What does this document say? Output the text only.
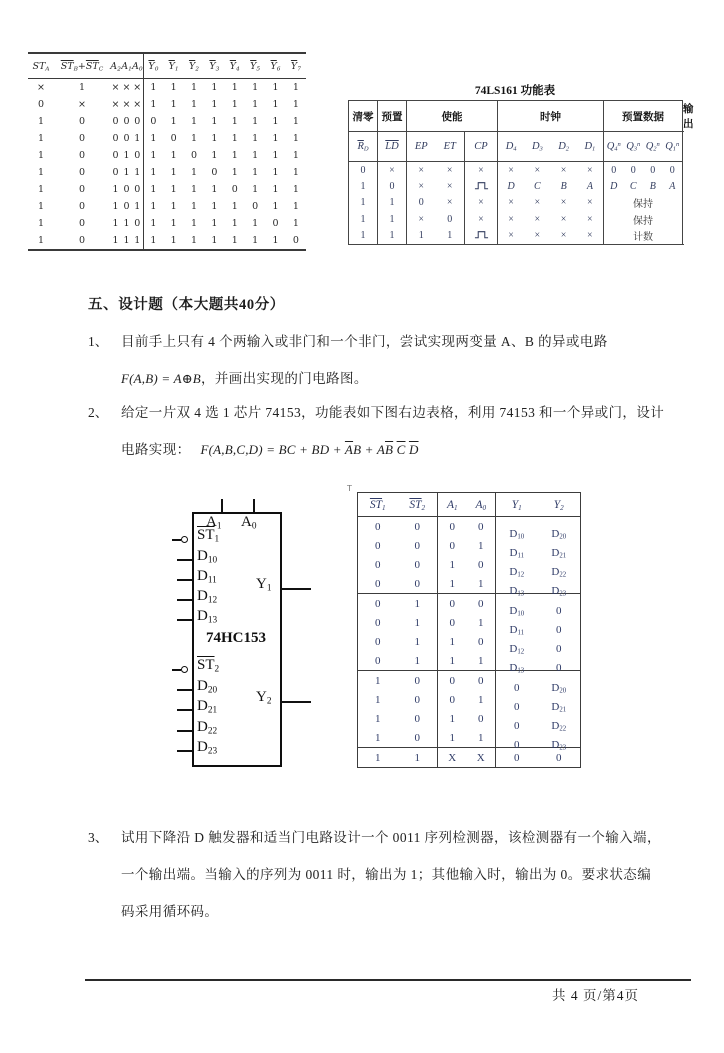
$ST_A$	$\overline{ST}_B+\overline{ST}_C$	$A_2$	$A_1$	$A_0$	$\overline{Y}_0$	$\overline{Y}_1$	$\overline{Y}_2$	$\overline{Y}_3$	$\overline{Y}_4$	$\overline{Y}_5$	$\overline{Y}_6$	$\overline{Y}_7$
×	1	×	×	×	1	1	1	1	1	1	1	1
0	×	×	×	×	1	1	1	1	1	1	1	1
1	0	0	0	0	0	1	1	1	1	1	1	1
1	0	0	0	1	1	0	1	1	1	1	1	1
1	0	0	1	0	1	1	0	1	1	1	1	1
1	0	0	1	1	1	1	1	0	1	1	1	1
1	0	1	0	0	1	1	1	1	0	1	1	1
1	0	1	0	1	1	1	1	1	1	0	1	1
1	0	1	1	0	1	1	1	1	1	1	0	1
1	0	1	1	1	1	1	1	1	1	1	1	0
74LS161 功能表
清零	预置	使能		时钟	预置数据	输出
$\overline{R}_D$	$\overline{LD}$	EP ET	CP	$D_4$ $D_3$ $D_2$ $D_1$	$Q_4^n$ $Q_3^n$ $Q_2^n$ $Q_1^n$

0	×	× ×	×	× × × ×	0 0 0 0	

1	0	× ×		D C B A	D C B A	

1	1	0 ×	×	× × × ×	保持	
1	1	× 0	×	× × × ×	保持	
1	1	1 1		× × × ×	计数	
五、设计题（本大题共40分）
1、 目前手上只有 4 个两输入或非门和一个非门，尝试实现两变量 A、B 的异或电路
F(A,B) = A⊕B，并画出实现的门电路图。
2、 给定一片双 4 选 1 芯片 74153，功能表如下图右边表格，利用 74153 和一个异或门，设计
电路实现： F(A,B,C,D) = BC + BD + $\overline{A}B + A\overline{B}$ $\overline{C}$ $\overline{D}$
74HC153
$A_1$ $A_0$
$\overline{ST}_1$
$D_{10}$
$D_{11}$
$D_{12}$
$D_{13}$
$\overline{ST}_2$
$D_{20}$
$D_{21}$
$D_{22}$
$D_{23}$
$Y_1$
$Y_2$
T
$\overline{ST}_1$	$\overline{ST}_2$	$A_1$	$A_0$	$Y_1$	$Y_2$
0	0	0	0	$D_{10}$	$D_{20}$
0	0	0	1	$D_{11}$	$D_{21}$
0	0	1	0	$D_{12}$	$D_{22}$
0	0	1	1	$D_{13}$	$D_{23}$
0	1	0	0	$D_{10}$	0
0	1	0	1	$D_{11}$	0
0	1	1	0	$D_{12}$	0
0	1	1	1	$D_{13}$	0
1	0	0	0	0	$D_{20}$
1	0	0	1	0	$D_{21}$
1	0	1	0	0	$D_{22}$
1	0	1	1	0	$D_{23}$
1	1	X	X	0	0
3、 试用下降沿 D 触发器和适当门电路设计一个 0011 序列检测器，该检测器有一个输入端，
一个输出端。当输入的序列为 0011 时，输出为 1；其他输入时，输出为 0。要求状态编
码采用循环码。
共 4 页/第4页
